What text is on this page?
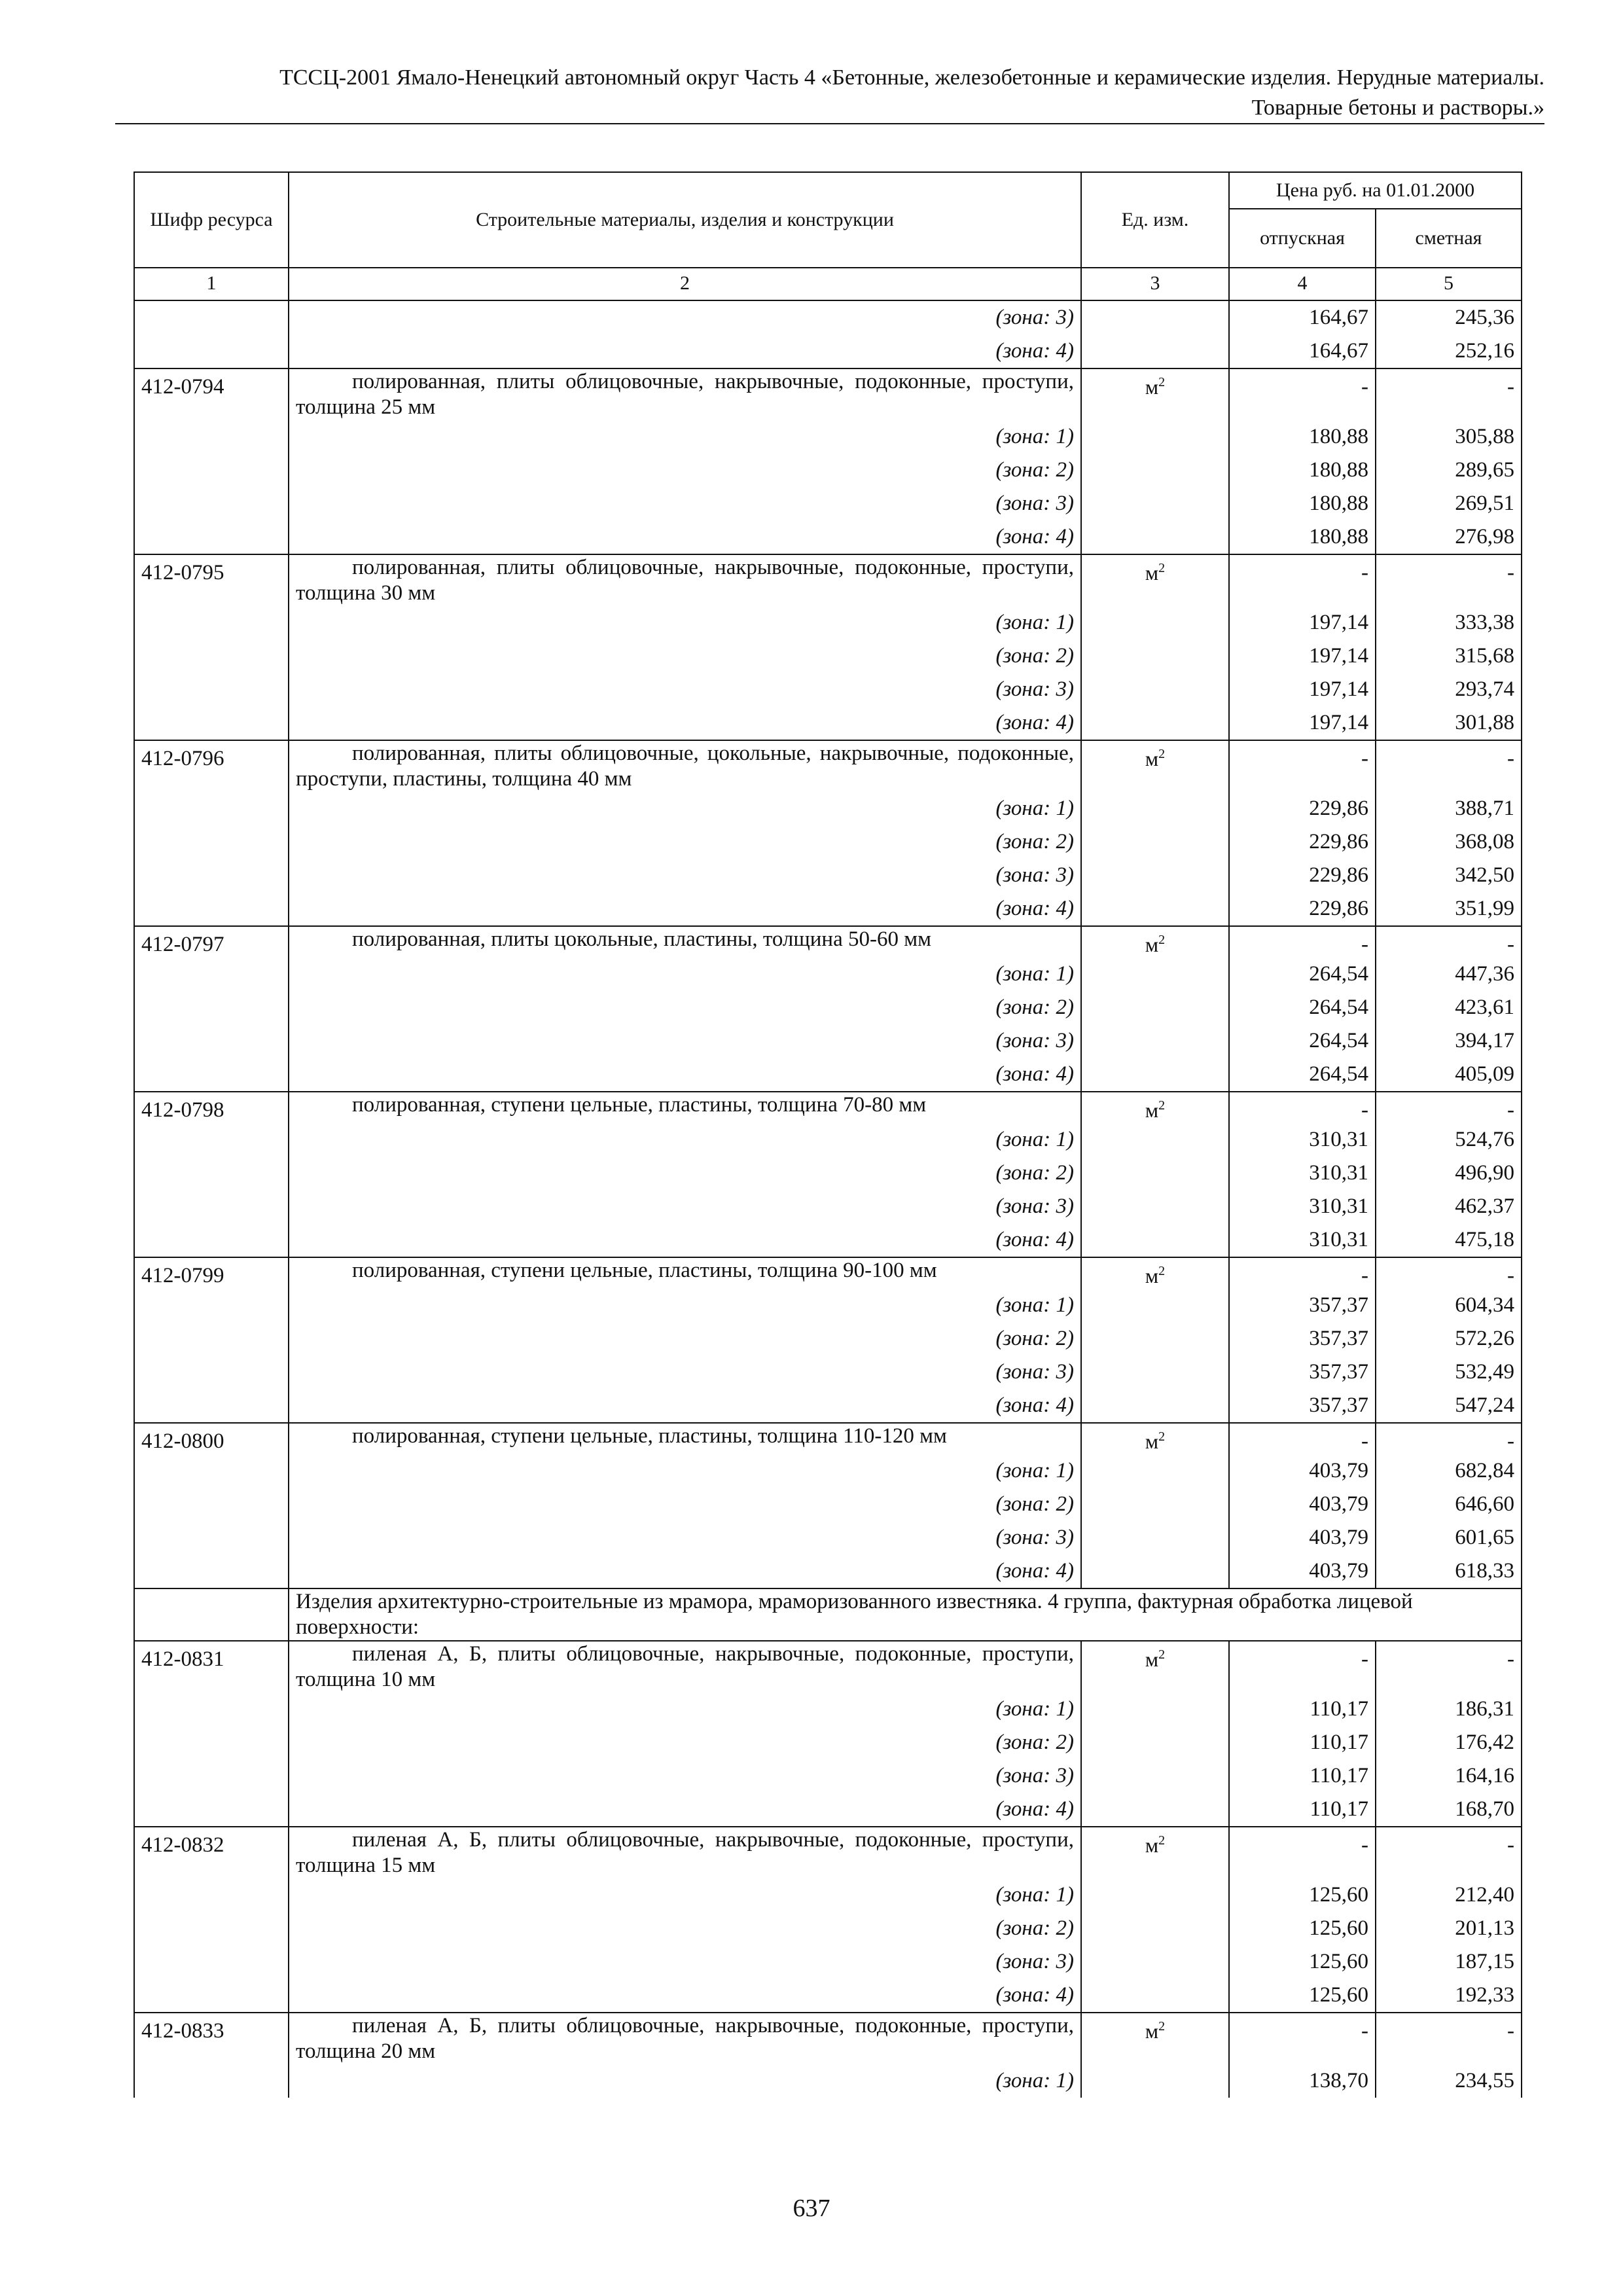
ТССЦ-2001 Ямало-Ненецкий автономный округ Часть 4 «Бетонные, железобетонные и керамические изделия. Нерудные материалы.
Товарные бетоны и растворы.»
Шифр ресурса	Строительные материалы, изделия и конструкции	Ед. изм.	Цена руб. на 01.01.2000	
			отпускная	сметная
1	2	3	4	5
	(зона: 3)		164,67	245,36
	(зона: 4)		164,67	252,16
412-0794	полированная, плиты облицовочные, накрывочные, подоконные, проступи, толщина 25 мм	$м^2$	-	-
	(зона: 1)		180,88	305,88
	(зона: 2)		180,88	289,65
	(зона: 3)		180,88	269,51
	(зона: 4)		180,88	276,98
412-0795	полированная, плиты облицовочные, накрывочные, подоконные, проступи, толщина 30 мм	$м^2$	-	-
	(зона: 1)		197,14	333,38
	(зона: 2)		197,14	315,68
	(зона: 3)		197,14	293,74
	(зона: 4)		197,14	301,88
412-0796	полированная, плиты облицовочные, цокольные, накрывочные, подоконные, проступи, пластины, толщина 40 мм	$м^2$	-	-
	(зона: 1)		229,86	388,71
	(зона: 2)		229,86	368,08
	(зона: 3)		229,86	342,50
	(зона: 4)		229,86	351,99
412-0797	полированная, плиты цокольные, пластины, толщина 50-60 мм	$м^2$	-	-
	(зона: 1)		264,54	447,36
	(зона: 2)		264,54	423,61
	(зона: 3)		264,54	394,17
	(зона: 4)		264,54	405,09
412-0798	полированная, ступени цельные, пластины, толщина 70-80 мм	$м^2$	-	-
	(зона: 1)		310,31	524,76
	(зона: 2)		310,31	496,90
	(зона: 3)		310,31	462,37
	(зона: 4)		310,31	475,18
412-0799	полированная, ступени цельные, пластины, толщина 90-100 мм	$м^2$	-	-
	(зона: 1)		357,37	604,34
	(зона: 2)		357,37	572,26
	(зона: 3)		357,37	532,49
	(зона: 4)		357,37	547,24
412-0800	полированная, ступени цельные, пластины, толщина 110-120 мм	$м^2$	-	-
	(зона: 1)		403,79	682,84
	(зона: 2)		403,79	646,60
	(зона: 3)		403,79	601,65
	(зона: 4)		403,79	618,33
	Изделия архитектурно-строительные из мрамора, мраморизованного известняка. 4 группа, фактурная обработка лицевой поверхности:			
412-0831	пиленая А, Б, плиты облицовочные, накрывочные, подоконные, проступи, толщина 10 мм	$м^2$	-	-
	(зона: 1)		110,17	186,31
	(зона: 2)		110,17	176,42
	(зона: 3)		110,17	164,16
	(зона: 4)		110,17	168,70
412-0832	пиленая А, Б, плиты облицовочные, накрывочные, подоконные, проступи, толщина 15 мм	$м^2$	-	-
	(зона: 1)		125,60	212,40
	(зона: 2)		125,60	201,13
	(зона: 3)		125,60	187,15
	(зона: 4)		125,60	192,33
412-0833	пиленая А, Б, плиты облицовочные, накрывочные, подоконные, проступи, толщина 20 мм	$м^2$	-	-
	(зона: 1)		138,70	234,55
637
